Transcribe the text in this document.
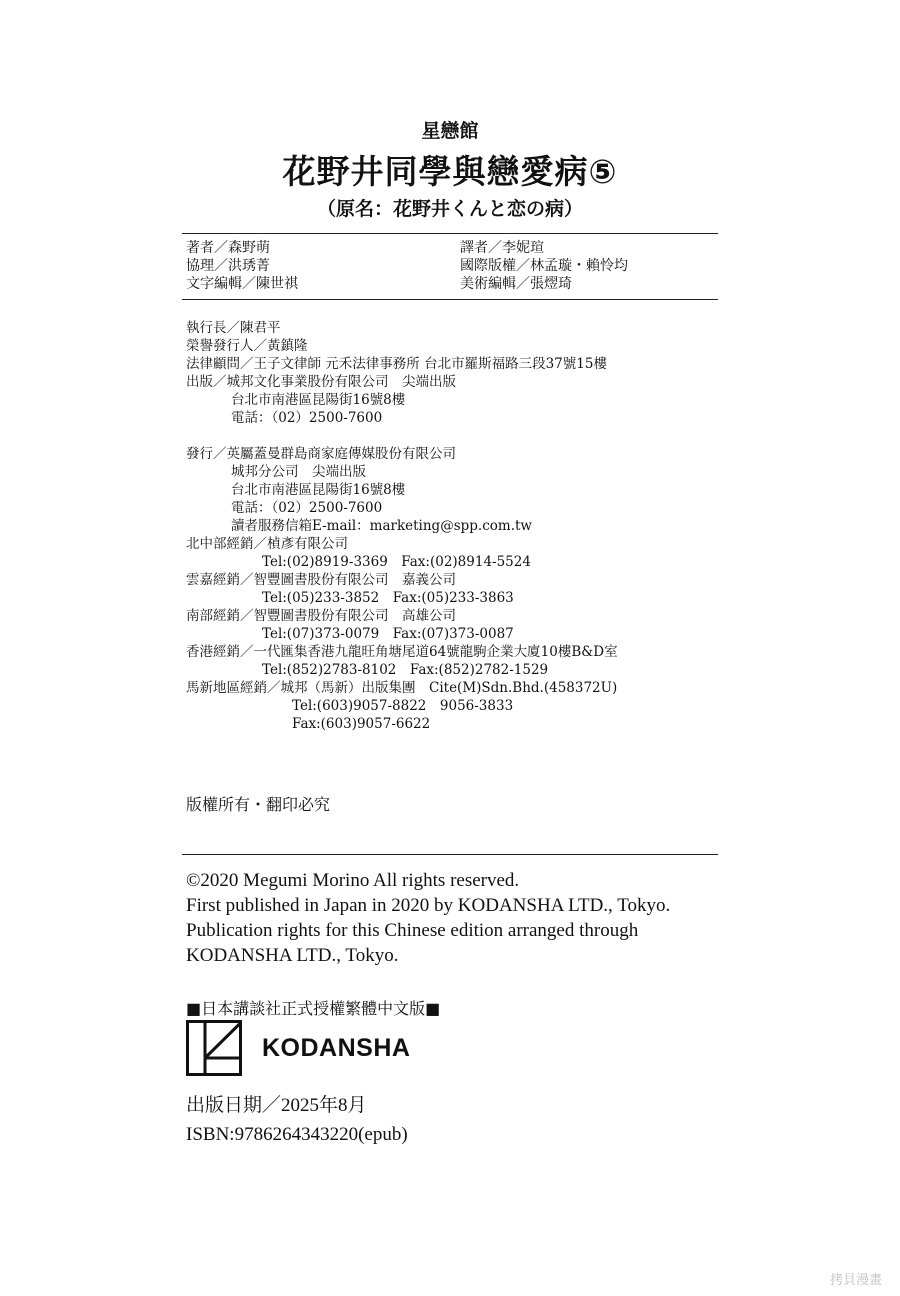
星戀館
花野井同學與戀愛病⑤
（原名：花野井くんと恋の病）
著者／森野萌
協理／洪琇菁
文字編輯／陳世祺
譯者／李妮瑄
國際版權／林孟璇・賴怜均
美術編輯／張熤琦
執行長／陳君平
榮譽發行人／黃鎮隆
法律顧問／王子文律師 元禾法律事務所 台北市羅斯福路三段37號15樓
出版／城邦文化事業股份有限公司　尖端出版
台北市南港區昆陽街16號8樓
電話：（02）2500-7600
發行／英屬蓋曼群島商家庭傳媒股份有限公司
城邦分公司　尖端出版
台北市南港區昆陽街16號8樓
電話：（02）2500-7600
讀者服務信箱E-mail：marketing@spp.com.tw
北中部經銷／楨彥有限公司
Tel:(02)8919-3369　Fax:(02)8914-5524
雲嘉經銷／智豐圖書股份有限公司　嘉義公司
Tel:(05)233-3852　Fax:(05)233-3863
南部經銷／智豐圖書股份有限公司　高雄公司
Tel:(07)373-0079　Fax:(07)373-0087
香港經銷／一代匯集香港九龍旺角塘尾道64號龍駒企業大廈10樓B&D室
Tel:(852)2783-8102　Fax:(852)2782-1529
馬新地區經銷／城邦（馬新）出版集團　Cite(M)Sdn.Bhd.(458372U)
Tel:(603)9057-8822　9056-3833
Fax:(603)9057-6622
版權所有・翻印必究
©2020 Megumi Morino All rights reserved.
First published in Japan in 2020 by KODANSHA LTD., Tokyo.
Publication rights for this Chinese edition arranged through
KODANSHA LTD., Tokyo.
■日本講談社正式授權繁體中文版■
KODANSHA
出版日期／2025年8月
ISBN:9786264343220(epub)
拷貝漫畫
